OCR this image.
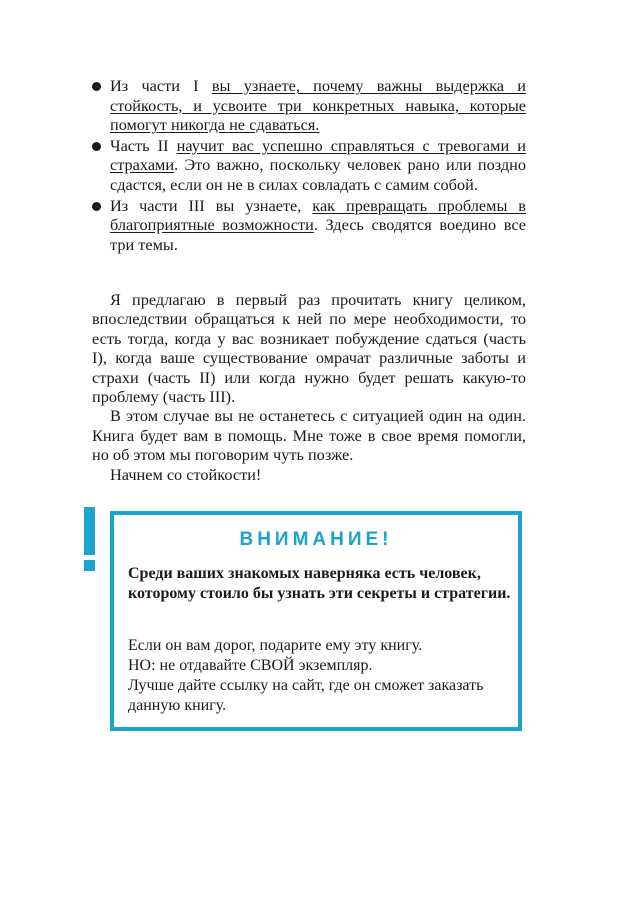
Из части I вы узнаете, почему важны выдержка и стойкость, и усвоите три конкретных навыка, которые помогут никогда не сдаваться.
Часть II научит вас успешно справляться с тревогами и страхами. Это важно, поскольку человек рано или поздно сдастся, если он не в силах совладать с самим собой.
Из части III вы узнаете, как превращать проблемы в благоприятные возможности. Здесь сводятся воедино все три темы.

Я предлагаю в первый раз прочитать книгу целиком, впоследствии обращаться к ней по мере необходимости, то есть тогда, когда у вас возникает побуждение сдаться (часть I), когда ваше существование омрачат различные заботы и страхи (часть II) или когда нужно будет решать какую-то проблему (часть III).

В этом случае вы не останетесь с ситуацией один на один. Книга будет вам в помощь. Мне тоже в свое время помогли, но об этом мы поговорим чуть позже.

Начнем со стойкости!

ВНИМАНИЕ!

Среди ваших знакомых наверняка есть человек, которому стоило бы узнать эти секреты и стратегии.

Если он вам дорог, подарите ему эту книгу.
НО: не отдавайте СВОЙ экземпляр.
Лучше дайте ссылку на сайт, где он сможет заказать
данную книгу.
